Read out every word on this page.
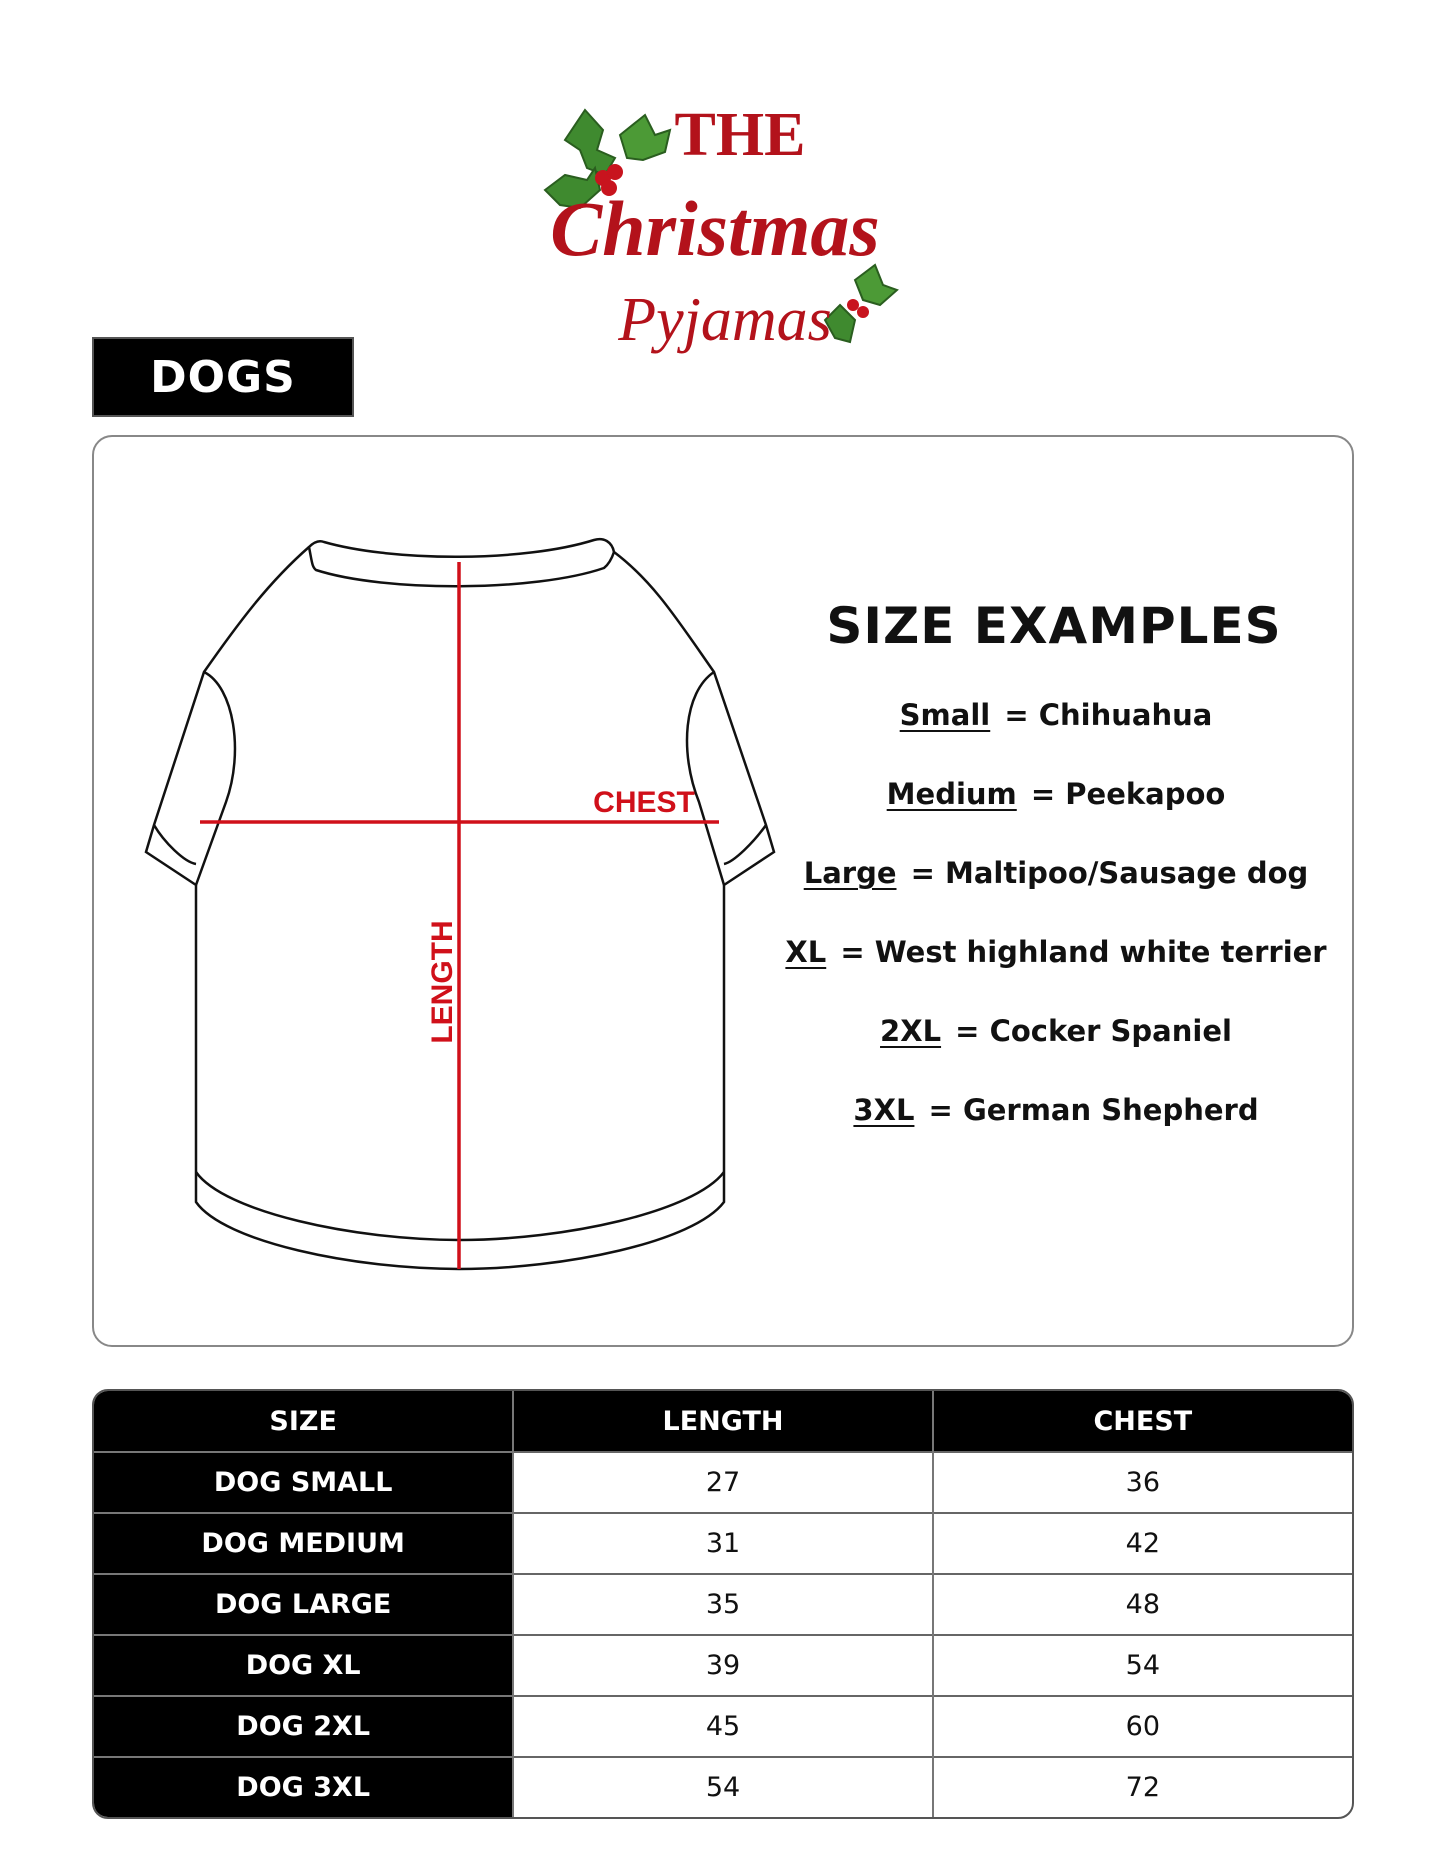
THE
Christmas
Pyjamas
DOGS
CHEST
LENGTH
SIZE EXAMPLES
Small = Chihuahua
Medium = Peekapoo
Large = Maltipoo/Sausage dog
XL = West highland white terrier
2XL = Cocker Spaniel
3XL = German Shepherd
SIZE	LENGTH	CHEST
DOG SMALL	27	36
DOG MEDIUM	31	42
DOG LARGE	35	48
DOG XL	39	54
DOG 2XL	45	60
DOG 3XL	54	72
